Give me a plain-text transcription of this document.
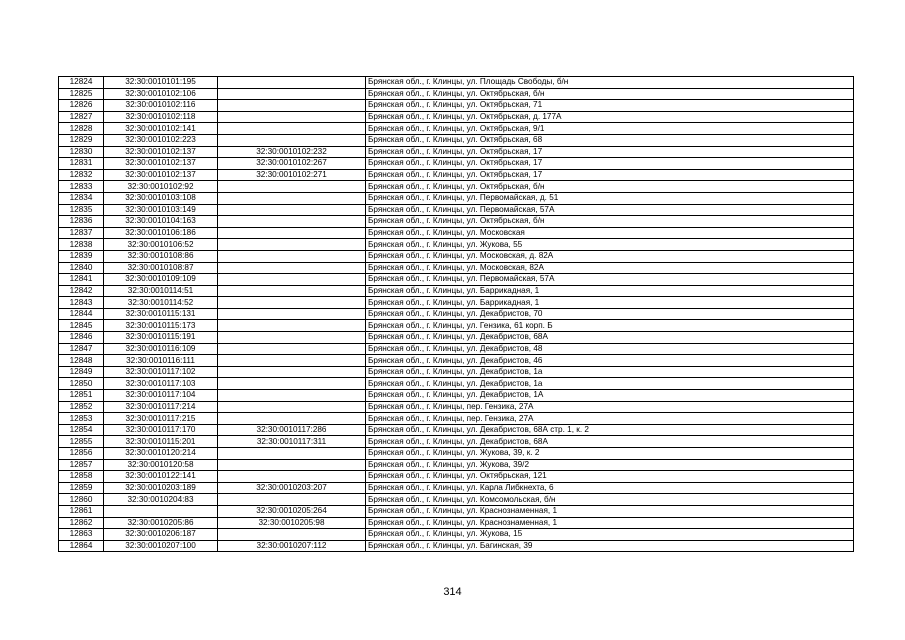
12824	32:30:0010101:195		Брянская обл., г. Клинцы, ул. Площадь Свободы, б/н
12825	32:30:0010102:106		Брянская обл., г. Клинцы, ул. Октябрьская, б/н
12826	32:30:0010102:116		Брянская обл., г. Клинцы, ул. Октябрьская, 71
12827	32:30:0010102:118		Брянская обл., г. Клинцы, ул. Октябрьская, д. 177А
12828	32:30:0010102:141		Брянская обл., г. Клинцы, ул. Октябрьская, 9/1
12829	32:30:0010102:223		Брянская обл., г. Клинцы, ул. Октябрьская, 68
12830	32:30:0010102:137	32:30:0010102:232	Брянская обл., г. Клинцы, ул. Октябрьская, 17
12831	32:30:0010102:137	32:30:0010102:267	Брянская обл., г. Клинцы, ул. Октябрьская, 17
12832	32:30:0010102:137	32:30:0010102:271	Брянская обл., г. Клинцы, ул. Октябрьская, 17
12833	32:30:0010102:92		Брянская обл., г. Клинцы, ул. Октябрьская, б/н
12834	32:30:0010103:108		Брянская обл., г. Клинцы, ул. Первомайская, д. 51
12835	32:30:0010103:149		Брянская обл., г. Клинцы, ул. Первомайская, 57А
12836	32:30:0010104:163		Брянская обл., г. Клинцы, ул. Октябрьская, б/н
12837	32:30:0010106:186		Брянская обл., г. Клинцы, ул. Московская
12838	32:30:0010106:52		Брянская обл., г. Клинцы, ул. Жукова, 55
12839	32:30:0010108:86		Брянская обл., г. Клинцы, ул. Московская, д. 82А
12840	32:30:0010108:87		Брянская обл., г. Клинцы, ул. Московская, 82А
12841	32:30:0010109:109		Брянская обл., г. Клинцы, ул. Первомайская, 57А
12842	32:30:0010114:51		Брянская обл., г. Клинцы, ул. Баррикадная, 1
12843	32:30:0010114:52		Брянская обл., г. Клинцы, ул. Баррикадная, 1
12844	32:30:0010115:131		Брянская обл., г. Клинцы, ул. Декабристов, 70
12845	32:30:0010115:173		Брянская обл., г. Клинцы, ул. Гензика, 61 корп. Б
12846	32:30:0010115:191		Брянская обл., г. Клинцы, ул. Декабристов, 68А
12847	32:30:0010116:109		Брянская обл., г. Клинцы, ул. Декабристов, 48
12848	32:30:0010116:111		Брянская обл., г. Клинцы, ул. Декабристов, 46
12849	32:30:0010117:102		Брянская обл., г. Клинцы, ул. Декабристов, 1а
12850	32:30:0010117:103		Брянская обл., г. Клинцы, ул. Декабристов, 1а
12851	32:30:0010117:104		Брянская обл., г. Клинцы, ул. Декабристов, 1А
12852	32:30:0010117:214		Брянская обл., г. Клинцы, пер. Гензика, 27А
12853	32:30:0010117:215		Брянская обл., г. Клинцы, пер. Гензика, 27А
12854	32:30:0010117:170	32:30:0010117:286	Брянская обл., г. Клинцы, ул. Декабристов, 68А стр. 1, к. 2
12855	32:30:0010115:201	32:30:0010117:311	Брянская обл., г. Клинцы, ул. Декабристов, 68А
12856	32:30:0010120:214		Брянская обл., г. Клинцы, ул. Жукова, 39, к. 2
12857	32:30:0010120:58		Брянская обл., г. Клинцы, ул. Жукова, 39/2
12858	32:30:0010122:141		Брянская обл., г. Клинцы, ул. Октябрьская, 121
12859	32:30:0010203:189	32:30:0010203:207	Брянская обл., г. Клинцы, ул. Карла Либкнехта, 6
12860	32:30:0010204:83		Брянская обл., г. Клинцы, ул. Комсомольская, б/н
12861		32:30:0010205:264	Брянская обл., г. Клинцы, ул. Краснознаменная, 1
12862	32:30:0010205:86	32:30:0010205:98	Брянская обл., г. Клинцы, ул. Краснознаменная, 1
12863	32:30:0010206:187		Брянская обл., г. Клинцы, ул. Жукова, 15
12864	32:30:0010207:100	32:30:0010207:112	Брянская обл., г. Клинцы, ул. Багинская, 39
314
